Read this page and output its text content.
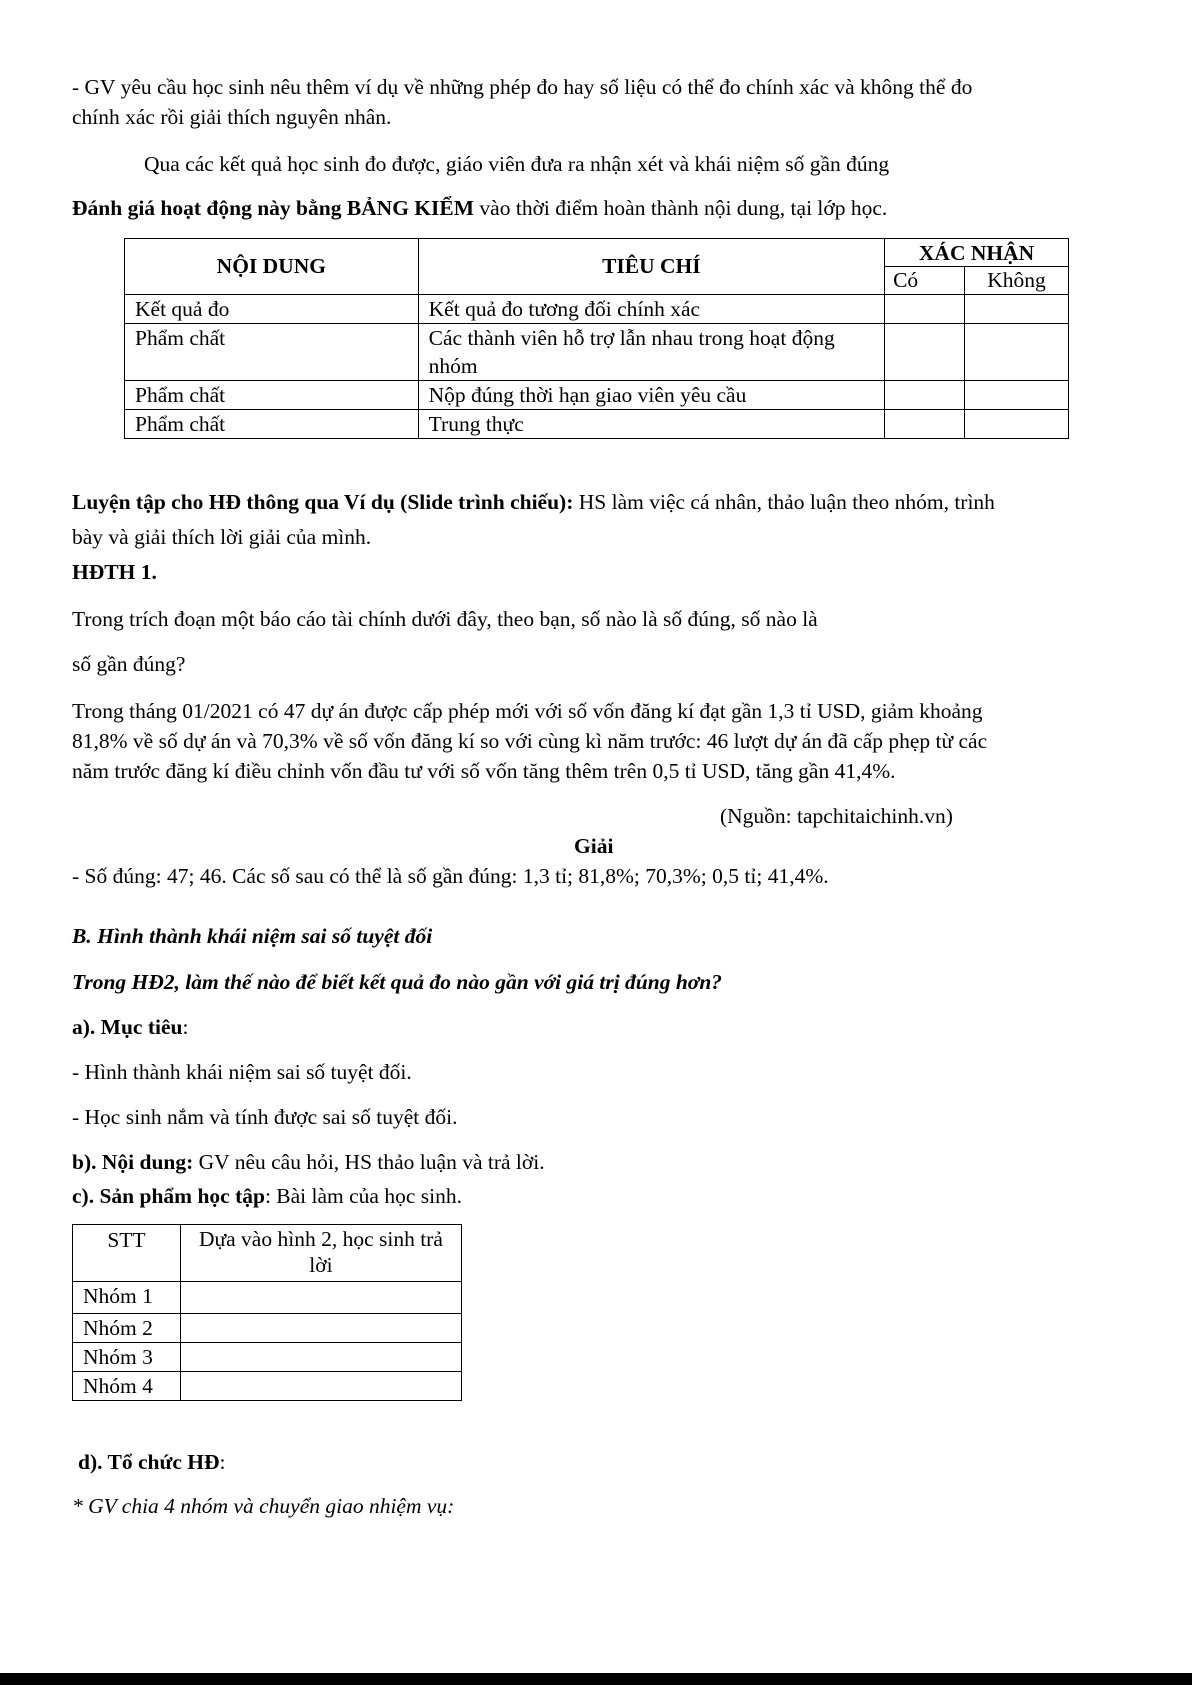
- GV yêu cầu học sinh nêu thêm ví dụ về những phép đo hay số liệu có thể đo chính xác và không thể đo

chính xác rồi giải thích nguyên nhân.

Qua các kết quả học sinh đo được, giáo viên đưa ra nhận xét và khái niệm số gần đúng

Đánh giá hoạt động này bằng BẢNG KIỂM vào thời điểm hoàn thành nội dung, tại lớp học.

NỘI DUNG	TIÊU CHÍ	XÁC NHẬN	
		Có	Không
Kết quả đo	Kết quả đo tương đối chính xác		
Phẩm chất	Các thành viên hỗ trợ lẫn nhau trong hoạt động nhóm		
Phẩm chất	Nộp đúng thời hạn giao viên yêu cầu		
Phẩm chất	Trung thực		

Luyện tập cho HĐ thông qua Ví dụ (Slide trình chiếu): HS làm việc cá nhân, thảo luận theo nhóm, trình

bày và giải thích lời giải của mình.

HĐTH 1.

Trong trích đoạn một báo cáo tài chính dưới đây, theo bạn, số nào là số đúng, số nào là

số gần đúng?

Trong tháng 01/2021 có 47 dự án được cấp phép mới với số vốn đăng kí đạt gần 1,3 tỉ USD, giảm khoảng

81,8% về số dự án và 70,3% về số vốn đăng kí so với cùng kì năm trước: 46 lượt dự án đã cấp phẹp từ các

năm trước đăng kí điều chỉnh vốn đầu tư với số vốn tăng thêm trên 0,5 tỉ USD, tăng gần 41,4%.

(Nguồn: tapchitaichinh.vn)

Giải

- Số đúng: 47; 46. Các số sau có thể là số gần đúng: 1,3 tỉ; 81,8%; 70,3%; 0,5 tỉ; 41,4%.

B. Hình thành khái niệm sai số tuyệt đối

Trong HĐ2, làm thế nào để biết kết quả đo nào gần với giá trị đúng hơn?

a). Mục tiêu:

- Hình thành khái niệm sai số tuyệt đối.

- Học sinh nắm và tính được sai số tuyệt đối.

b). Nội dung: GV nêu câu hỏi, HS thảo luận và trả lời.

c). Sản phẩm học tập: Bài làm của học sinh.

STT	Dựa vào hình 2, học sinh trả lời
Nhóm 1	
Nhóm 2	
Nhóm 3	
Nhóm 4	

d). Tổ chức HĐ:

* GV chia 4 nhóm và chuyển giao nhiệm vụ:
